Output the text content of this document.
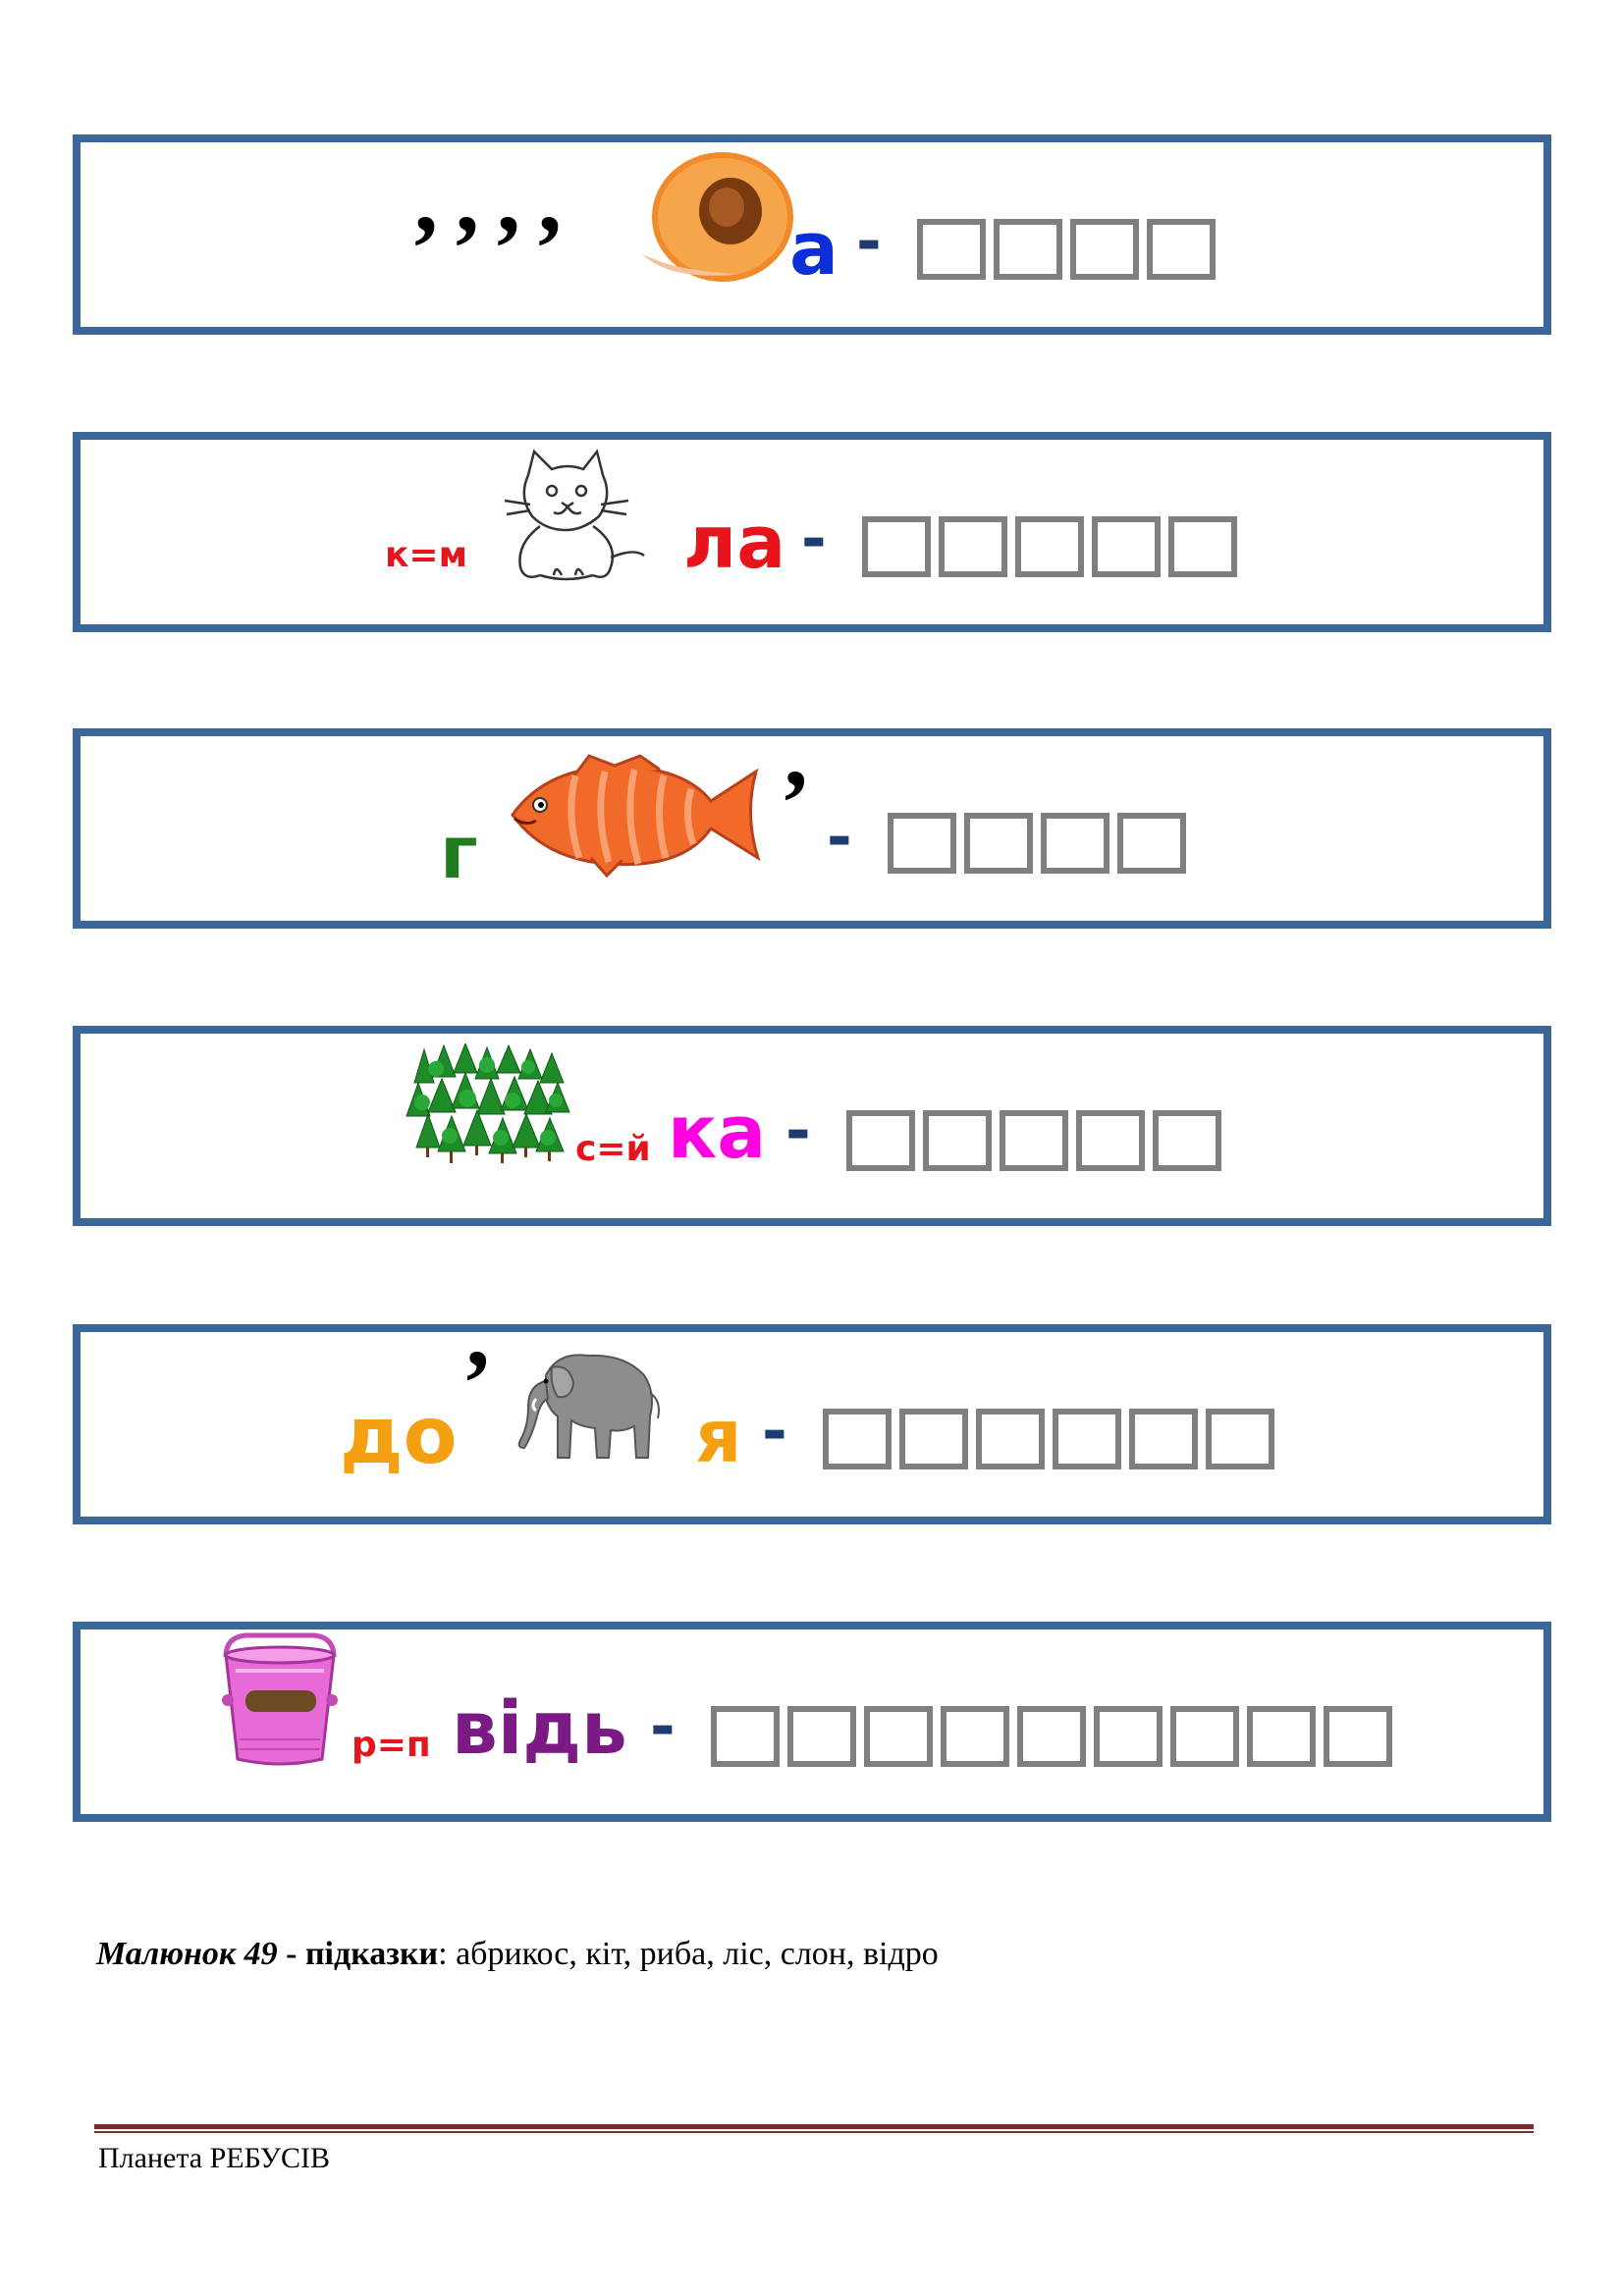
,,,,	а -
к=м	ла -
г	’ -
с=й ка -
до
’
я -
р=п відь -
Малюнок 49 - підказки: абрикос, кіт, риба, ліс, слон, відро
Планета РЕБУСІВ
